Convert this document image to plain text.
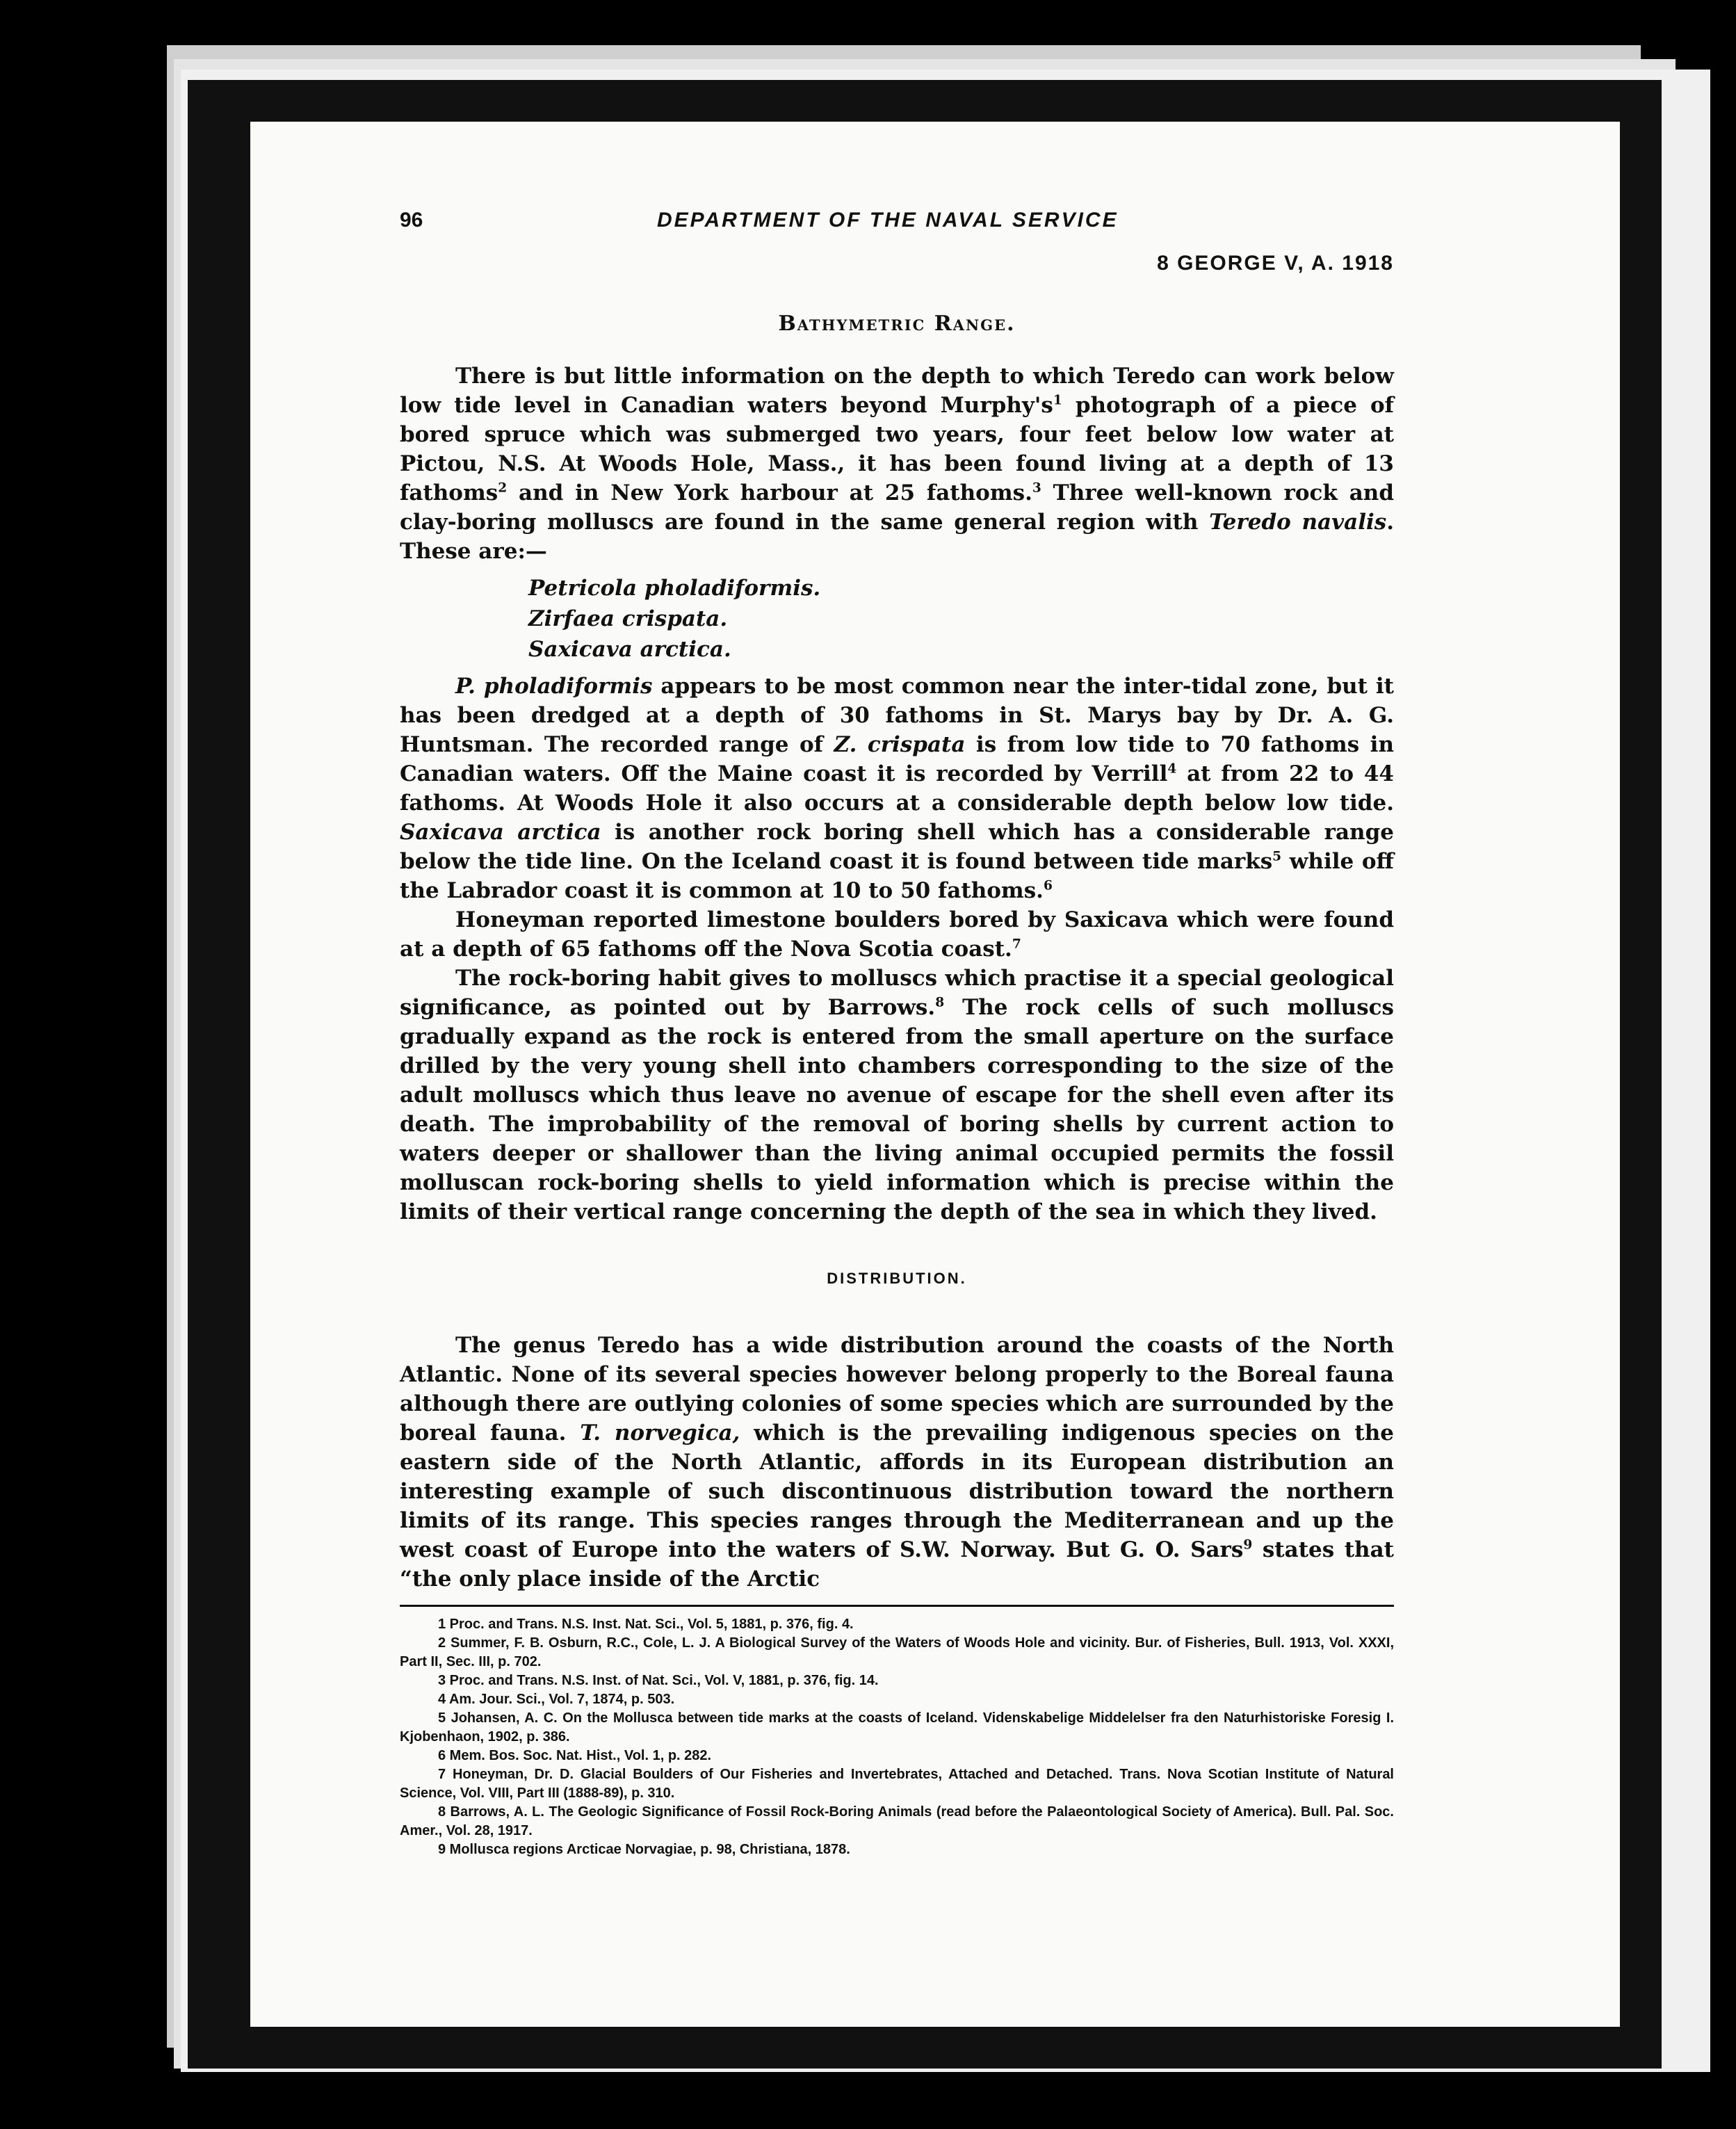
96	DEPARTMENT OF THE NAVAL SERVICE
8 GEORGE V, A. 1918
Bathymetric Range.

There is but little information on the depth to which Teredo can work below low tide level in Canadian waters beyond $Murphy's^1$ photograph of a piece of bored spruce which was submerged two years, four feet below low water at Pictou, N.S. At Woods Hole, Mass., it has been found living at a depth of 13 fathoms$^2$ and in New York harbour at 25 fathoms.$^3$ Three well-known rock and clay-boring molluscs are found in the same general region with Teredo navalis. These are:—

Petricola pholadiformis.
Zirfaea crispata.
Saxicava arctica.

P. pholadiformis appears to be most common near the inter-tidal zone, but it has been dredged at a depth of 30 fathoms in St. Marys bay by Dr. A. G. Huntsman. The recorded range of Z. crispata is from low tide to 70 fathoms in Canadian waters. Off the Maine coast it is recorded by Verrill$^4$ at from 22 to 44 fathoms. At Woods Hole it also occurs at a considerable depth below low tide. Saxicava arctica is another rock boring shell which has a considerable range below the tide line. On the Iceland coast it is found between tide marks$^5$ while off the Labrador coast it is common at 10 to 50 fathoms.$^6$

Honeyman reported limestone boulders bored by Saxicava which were found at a depth of 65 fathoms off the Nova Scotia coast.$^7$

The rock-boring habit gives to molluscs which practise it a special geological significance, as pointed out by Barrows.$^8$ The rock cells of such molluscs gradually expand as the rock is entered from the small aperture on the surface drilled by the very young shell into chambers corresponding to the size of the adult molluscs which thus leave no avenue of escape for the shell even after its death. The improbability of the removal of boring shells by current action to waters deeper or shallower than the living animal occupied permits the fossil molluscan rock-boring shells to yield information which is precise within the limits of their vertical range concerning the depth of the sea in which they lived.

DISTRIBUTION.

The genus Teredo has a wide distribution around the coasts of the North Atlantic. None of its several species however belong properly to the Boreal fauna although there are outlying colonies of some species which are surrounded by the boreal fauna. T. norvegica, which is the prevailing indigenous species on the eastern side of the North Atlantic, affords in its European distribution an interesting example of such discontinuous distribution toward the northern limits of its range. This species ranges through the Mediterranean and up the west coast of Europe into the waters of S.W. Norway. But G. O. Sars$^9$ states that “the only place inside of the Arctic

1 Proc. and Trans. N.S. Inst. Nat. Sci., Vol. 5, 1881, p. 376, fig. 4.
2 Summer, F. B. Osburn, R.C., Cole, L. J. A Biological Survey of the Waters of Woods Hole and vicinity. Bur. of Fisheries, Bull. 1913, Vol. XXXI, Part II, Sec. III, p. 702.
3 Proc. and Trans. N.S. Inst. of Nat. Sci., Vol. V, 1881, p. 376, fig. 14.
4 Am. Jour. Sci., Vol. 7, 1874, p. 503.
5 Johansen, A. C. On the Mollusca between tide marks at the coasts of Iceland. Videnskabelige Middelelser fra den Naturhistoriske Foresig I. Kjobenhaon, 1902, p. 386.
6 Mem. Bos. Soc. Nat. Hist., Vol. 1, p. 282.
7 Honeyman, Dr. D. Glacial Boulders of Our Fisheries and Invertebrates, Attached and Detached. Trans. Nova Scotian Institute of Natural Science, Vol. VIII, Part III (1888-89), p. 310.
8 Barrows, A. L. The Geologic Significance of Fossil Rock-Boring Animals (read before the Palaeontological Society of America). Bull. Pal. Soc. Amer., Vol. 28, 1917.
9 Mollusca regions Arcticae Norvagiae, p. 98, Christiana, 1878.
